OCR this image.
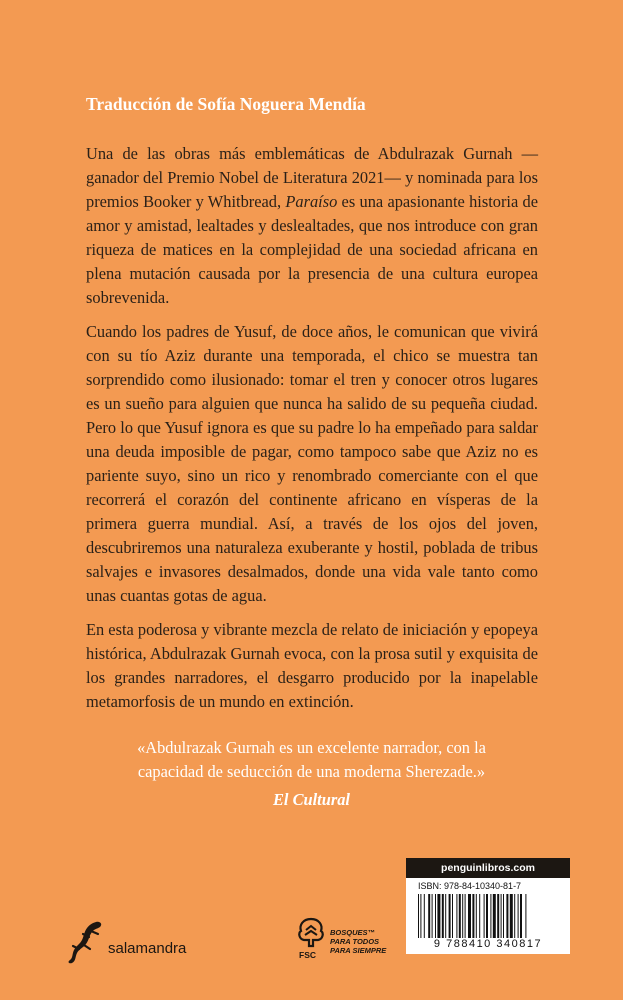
Traducción de Sofía Noguera Mendía

Una de las obras más emblemáticas de Abdulrazak Gurnah —ganador del Premio Nobel de Literatura 2021— y nominada para los premios Booker y Whitbread, Paraíso es una apasionante historia de amor y amistad, lealtades y deslealtades, que nos introduce con gran riqueza de matices en la complejidad de una sociedad africana en plena mutación causada por la presencia de una cultura europea sobrevenida.

Cuando los padres de Yusuf, de doce años, le comunican que vivirá con su tío Aziz durante una temporada, el chico se muestra tan sorprendido como ilusionado: tomar el tren y conocer otros lugares es un sueño para alguien que nunca ha salido de su pequeña ciudad. Pero lo que Yusuf ignora es que su padre lo ha empeñado para saldar una deuda imposible de pagar, como tampoco sabe que Aziz no es pariente suyo, sino un rico y renombrado comerciante con el que recorrerá el corazón del continente africano en vísperas de la primera guerra mundial. Así, a través de los ojos del joven, descubriremos una naturaleza exuberante y hostil, poblada de tribus salvajes e invasores desalmados, donde una vida vale tanto como unas cuantas gotas de agua.

En esta poderosa y vibrante mezcla de relato de iniciación y epopeya histórica, Abdulrazak Gurnah evoca, con la prosa sutil y exquisita de los grandes narradores, el desgarro producido por la inapelable metamorfosis de un mundo en extinción.

«Abdulrazak Gurnah es un excelente narrador, con la
capacidad de seducción de una moderna Sherezade.»
El Cultural
salamandra	FSC
BOSQUES™
PARA TODOS
PARA SIEMPRE
penguinlibros.com
ISBN: 978-84-10340-81-7
9 788410 340817
